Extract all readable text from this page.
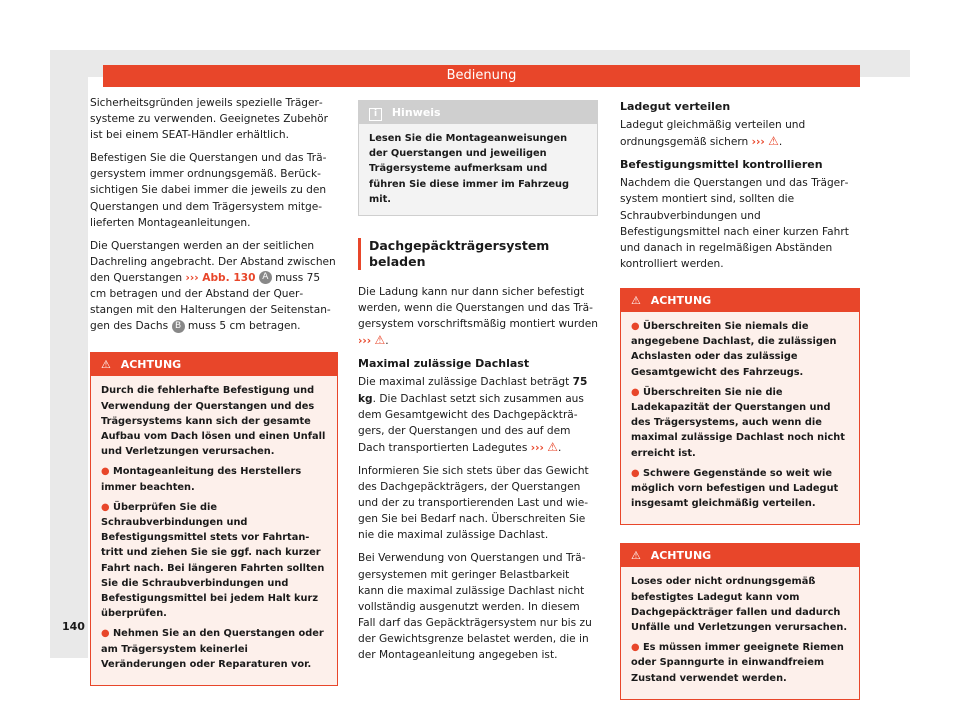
Bedienung

Sicherheitsgründen jeweils spezielle Trägersysteme zu verwenden. Geeignetes Zubehör ist bei einem SEAT-Händler erhältlich.

Befestigen Sie die Querstangen und das Trägersystem immer ordnungsgemäß. Berücksichtigen Sie dabei immer die jeweils zu den Querstangen und dem Trägersystem mitgelieferten Montageanleitungen.

Die Querstangen werden an der seitlichen Dachreling angebracht. Der Abstand zwischen den Querstangen ››› Abb. 130 A muss 75 cm betragen und der Abstand der Querstangen mit den Halterungen der Seitenstangen des Dachs B muss 5 cm betragen.

⚠ ACHTUNG

Durch die fehlerhafte Befestigung und Verwendung der Querstangen und des Trägersystems kann sich der gesamte Aufbau vom Dach lösen und einen Unfall und Verletzungen verursachen.

● Montageanleitung des Herstellers immer beachten.

● Überprüfen Sie die Schraubverbindungen und Befestigungsmittel stets vor Fahrtantritt und ziehen Sie sie ggf. nach kurzer Fahrt nach. Bei längeren Fahrten sollten Sie die Schraubverbindungen und Befestigungsmittel bei jedem Halt kurz überprüfen.

● Nehmen Sie an den Querstangen oder am Trägersystem keinerlei Veränderungen oder Reparaturen vor.

i Hinweis
Lesen Sie die Montageanweisungen der Querstangen und jeweiligen Trägersysteme aufmerksam und führen Sie diese immer im Fahrzeug mit.
Dachgepäckträgersystem beladen

Die Ladung kann nur dann sicher befestigt werden, wenn die Querstangen und das Trägersystem vorschriftsmäßig montiert wurden ››› ⚠.

Maximal zulässige Dachlast

Die maximal zulässige Dachlast beträgt 75 kg. Die Dachlast setzt sich zusammen aus dem Gesamtgewicht des Dachgepäckträgers, der Querstangen und des auf dem Dach transportierten Ladegutes ››› ⚠.

Informieren Sie sich stets über das Gewicht des Dachgepäckträgers, der Querstangen und der zu transportierenden Last und wiegen Sie bei Bedarf nach. Überschreiten Sie nie die maximal zulässige Dachlast.

Bei Verwendung von Querstangen und Trägersystemen mit geringer Belastbarkeit kann die maximal zulässige Dachlast nicht vollständig ausgenutzt werden. In diesem Fall darf das Gepäckträgersystem nur bis zu der Gewichtsgrenze belastet werden, die in der Montageanleitung angegeben ist.

Ladegut verteilen

Ladegut gleichmäßig verteilen und ordnungsgemäß sichern ››› ⚠.

Befestigungsmittel kontrollieren

Nachdem die Querstangen und das Trägersystem montiert sind, sollten die Schraubverbindungen und Befestigungsmittel nach einer kurzen Fahrt und danach in regelmäßigen Abständen kontrolliert werden.

⚠ ACHTUNG

● Überschreiten Sie niemals die angegebene Dachlast, die zulässigen Achslasten oder das zulässige Gesamtgewicht des Fahrzeugs.

● Überschreiten Sie nie die Ladekapazität der Querstangen und des Trägersystems, auch wenn die maximal zulässige Dachlast noch nicht erreicht ist.

● Schwere Gegenstände so weit wie möglich vorn befestigen und Ladegut insgesamt gleichmäßig verteilen.

⚠ ACHTUNG

Loses oder nicht ordnungsgemäß befestigtes Ladegut kann vom Dachgepäckträger fallen und dadurch Unfälle und Verletzungen verursachen.

● Es müssen immer geeignete Riemen oder Spanngurte in einwandfreiem Zustand verwendet werden.

140
